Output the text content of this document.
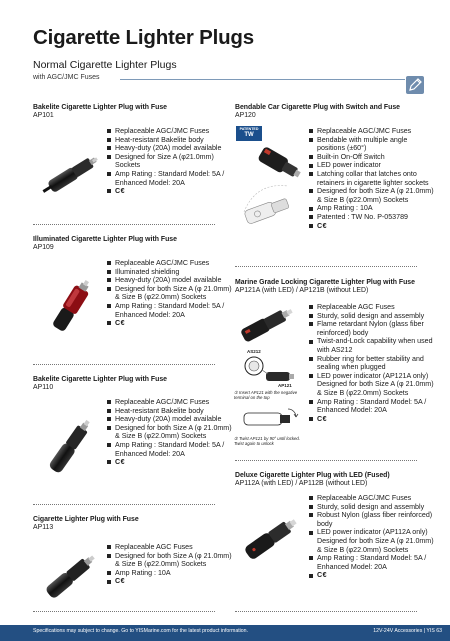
Cigarette Lighter Plugs
Normal Cigarette Lighter Plugs
with AGC/JMC Fuses
Bakelite Cigarette Lighter Plug with Fuse
AP101
Replaceable AGC/JMC Fuses
Heat-resistant Bakelite body
Heavy-duty (20A) model available
Designed for Size A (φ21.0mm) Sockets
Amp Rating : Standard Model: 5A / Enhanced Model: 20A
C€
Illuminated Cigarette Lighter Plug with Fuse
AP109
Replaceable AGC/JMC Fuses
Illuminated shielding
Heavy-duty (20A) model available
Designed for both Size A (φ 21.0mm) & Size B (φ22.0mm) Sockets
Amp Rating : Standard Model: 5A / Enhanced Model: 20A
C€
Bakelite Cigarette Lighter Plug with Fuse
AP110
Replaceable AGC/JMC Fuses
Heat-resistant Bakelite body
Heavy-duty (20A) model available
Designed for both Size A (φ 21.0mm) & Size B (φ22.0mm) Sockets
Amp Rating : Standard Model: 5A / Enhanced Model: 20A
C€
Cigarette Lighter Plug with Fuse
AP113
Replaceable AGC Fuses
Designed for both Size A (φ 21.0mm) & Size B (φ22.0mm) Sockets
Amp Rating : 10A
C€
Bendable Car Cigarette Plug with Switch and Fuse
AP120
PATENTED
TW	Replaceable AGC/JMC Fuses
Bendable with multiple angle positions (±60°)
Built-in On-Off Switch
LED power indicator
Latching collar that latches onto retainers in cigarette lighter sockets
Designed for both Size A (φ 21.0mm) & Size B (φ22.0mm) Sockets
Amp Rating : 10A
Patented : TW No. P-053789
C€
Marine Grade Locking Cigarette Lighter Plug with Fuse
AP121A (with LED) / AP121B (without LED)
AS212
AP121
① Insert AP121 with the negative terminal on the top
② Twist AP121 by 90° until locked. Twist again to unlock
Replaceable AGC Fuses
Sturdy, solid design and assembly
Flame retardant Nylon (glass fiber reinforced) body
Twist-and-Lock capability when used with AS212
Rubber ring for better stability and sealing when plugged
LED power indicator (AP121A only) Designed for both Size A (φ 21.0mm) & Size B (φ22.0mm) Sockets
Amp Rating : Standard Model: 5A / Enhanced Model: 20A
C€
Deluxe Cigarette Lighter Plug with LED (Fused)
AP112A (with LED) / AP112B (without LED)
Replaceable AGC/JMC Fuses
Sturdy, solid design and assembly
Robust Nylon (glass fiber reinforced) body
LED power indicator (AP112A only) Designed for both Size A (φ 21.0mm) & Size B (φ22.0mm) Sockets
Amp Rating : Standard Model: 5A / Enhanced Model: 20A
C€
Specifications may subject to change. Go to YISMarine.com for the latest product information.	12V-24V Accessories | YIS 63
